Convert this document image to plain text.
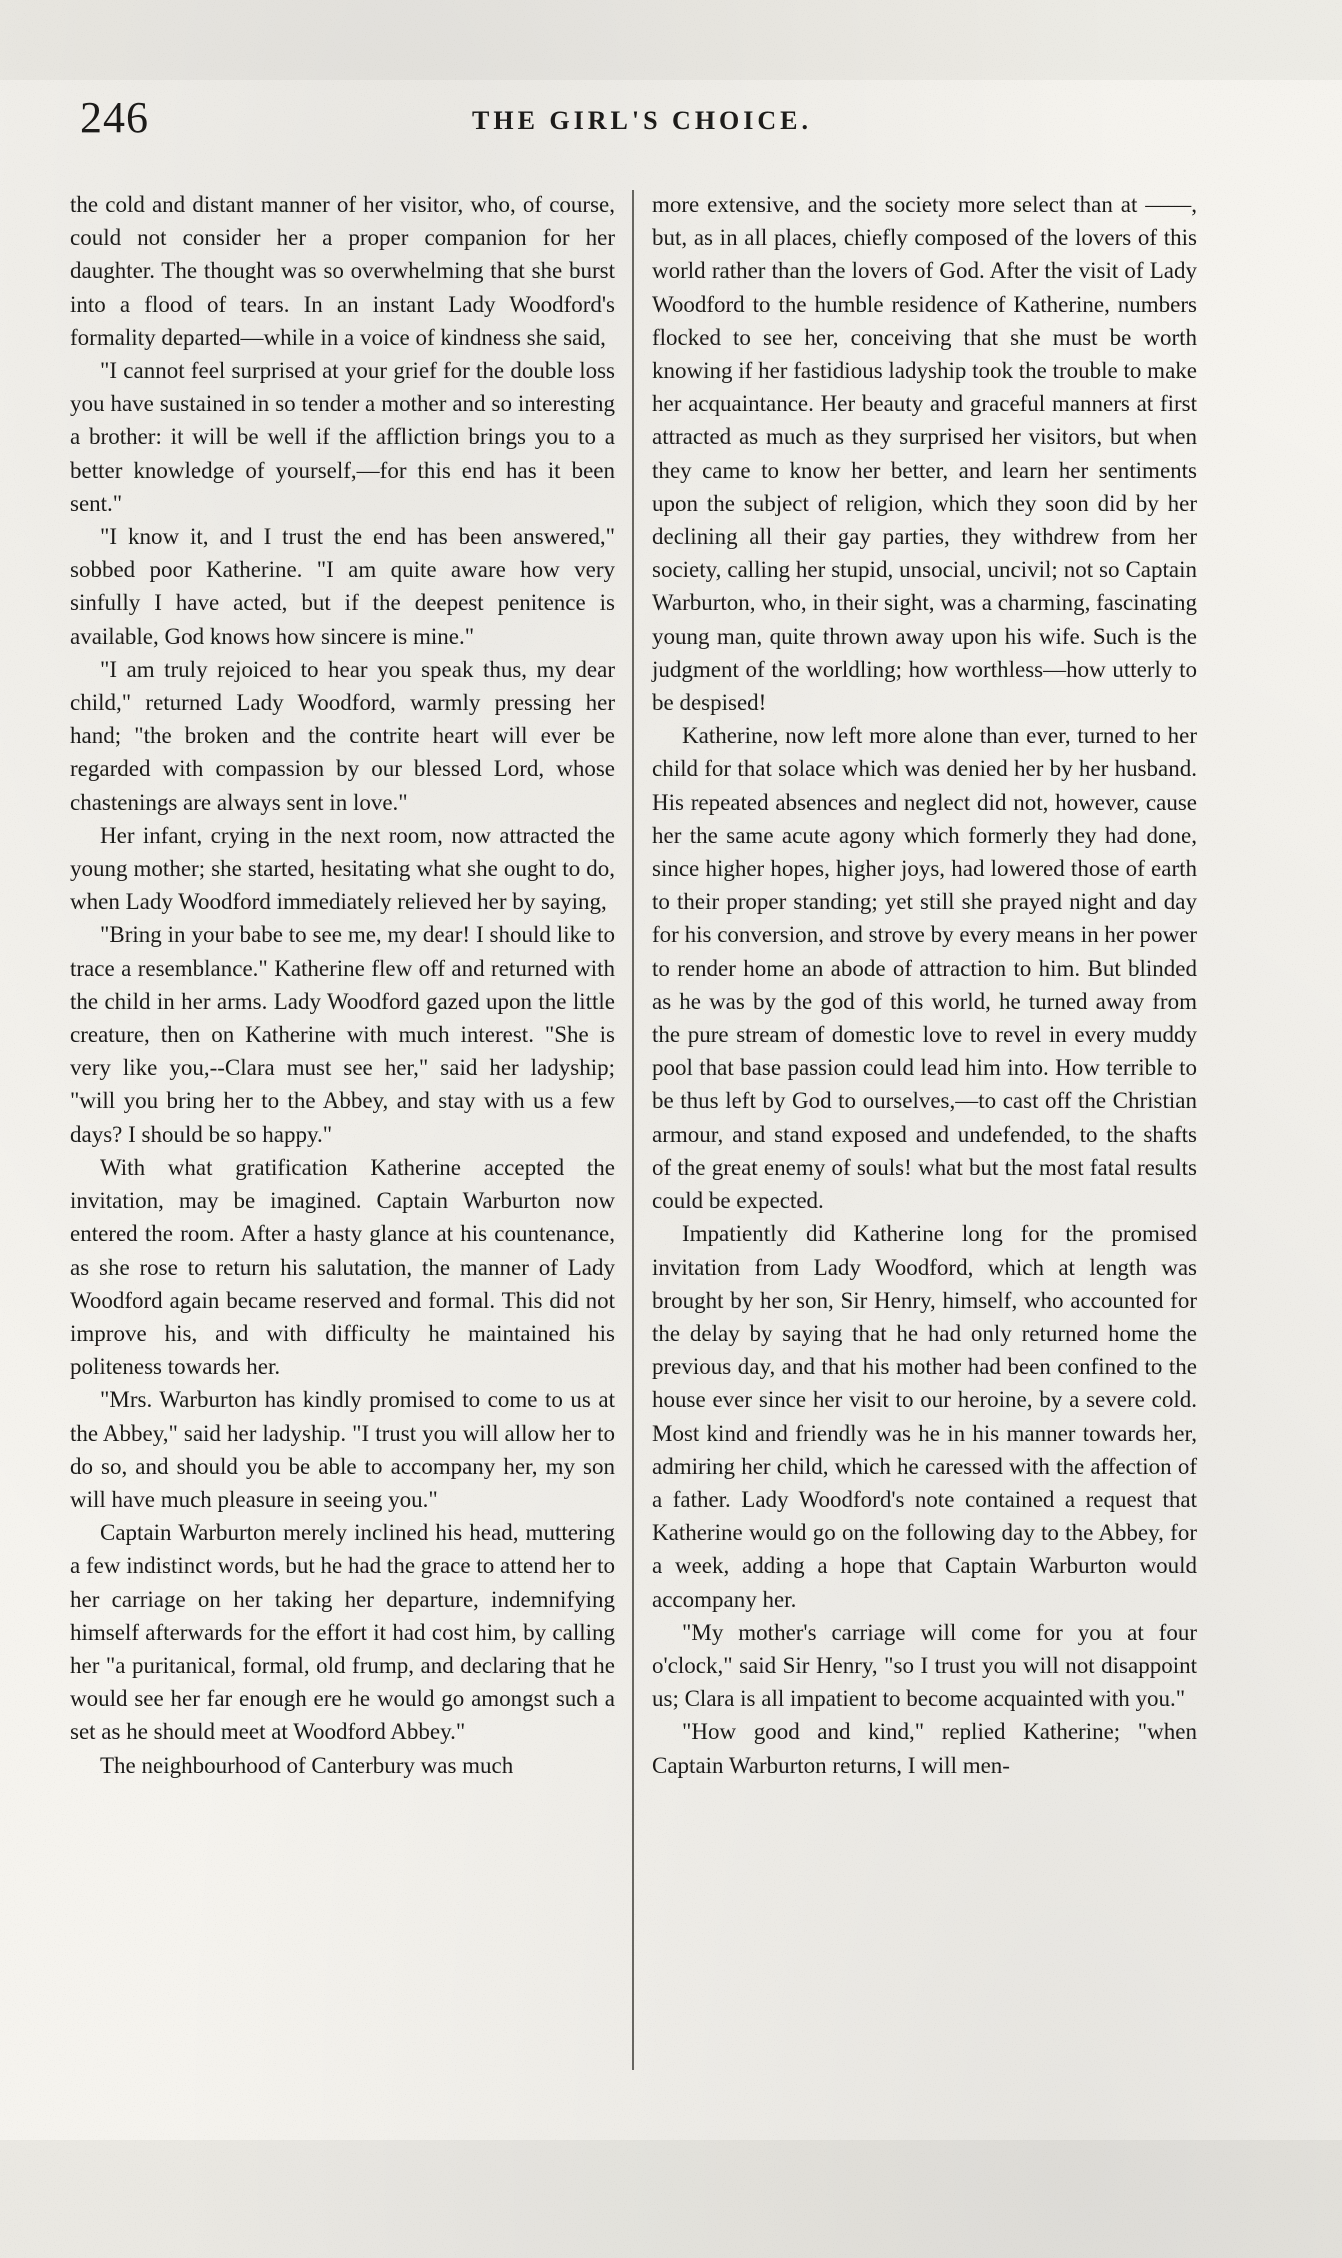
246	THE GIRL'S CHOICE.

the cold and distant manner of her visitor, who, of course, could not consider her a proper companion for her daughter. The thought was so overwhelming that she burst into a flood of tears. In an instant Lady Woodford's formality departed—while in a voice of kindness she said,

"I cannot feel surprised at your grief for the double loss you have sustained in so tender a mother and so interesting a brother: it will be well if the affliction brings you to a better knowledge of yourself,—for this end has it been sent."

"I know it, and I trust the end has been answered," sobbed poor Katherine. "I am quite aware how very sinfully I have acted, but if the deepest penitence is available, God knows how sincere is mine."

"I am truly rejoiced to hear you speak thus, my dear child," returned Lady Woodford, warmly pressing her hand; "the broken and the contrite heart will ever be regarded with compassion by our blessed Lord, whose chastenings are always sent in love."

Her infant, crying in the next room, now attracted the young mother; she started, hesitating what she ought to do, when Lady Woodford immediately relieved her by saying,

"Bring in your babe to see me, my dear! I should like to trace a resemblance." Katherine flew off and returned with the child in her arms. Lady Woodford gazed upon the little creature, then on Katherine with much interest. "She is very like you,--Clara must see her," said her ladyship; "will you bring her to the Abbey, and stay with us a few days? I should be so happy."

With what gratification Katherine accepted the invitation, may be imagined. Captain Warburton now entered the room. After a hasty glance at his countenance, as she rose to return his salutation, the manner of Lady Woodford again became reserved and formal. This did not improve his, and with difficulty he maintained his politeness towards her.

"Mrs. Warburton has kindly promised to come to us at the Abbey," said her ladyship. "I trust you will allow her to do so, and should you be able to accompany her, my son will have much pleasure in seeing you."

Captain Warburton merely inclined his head, muttering a few indistinct words, but he had the grace to attend her to her carriage on her taking her departure, indemnifying himself afterwards for the effort it had cost him, by calling her "a puritanical, formal, old frump, and declaring that he would see her far enough ere he would go amongst such a set as he should meet at Woodford Abbey."

The neighbourhood of Canterbury was much

more extensive, and the society more select than at ——, but, as in all places, chiefly composed of the lovers of this world rather than the lovers of God. After the visit of Lady Woodford to the humble residence of Katherine, numbers flocked to see her, conceiving that she must be worth knowing if her fastidious ladyship took the trouble to make her acquaintance. Her beauty and graceful manners at first attracted as much as they surprised her visitors, but when they came to know her better, and learn her sentiments upon the subject of religion, which they soon did by her declining all their gay parties, they withdrew from her society, calling her stupid, unsocial, uncivil; not so Captain Warburton, who, in their sight, was a charming, fascinating young man, quite thrown away upon his wife. Such is the judgment of the worldling; how worthless—how utterly to be despised!

Katherine, now left more alone than ever, turned to her child for that solace which was denied her by her husband. His repeated absences and neglect did not, however, cause her the same acute agony which formerly they had done, since higher hopes, higher joys, had lowered those of earth to their proper standing; yet still she prayed night and day for his conversion, and strove by every means in her power to render home an abode of attraction to him. But blinded as he was by the god of this world, he turned away from the pure stream of domestic love to revel in every muddy pool that base passion could lead him into. How terrible to be thus left by God to ourselves,—to cast off the Christian armour, and stand exposed and undefended, to the shafts of the great enemy of souls! what but the most fatal results could be expected.

Impatiently did Katherine long for the promised invitation from Lady Woodford, which at length was brought by her son, Sir Henry, himself, who accounted for the delay by saying that he had only returned home the previous day, and that his mother had been confined to the house ever since her visit to our heroine, by a severe cold. Most kind and friendly was he in his manner towards her, admiring her child, which he caressed with the affection of a father. Lady Woodford's note contained a request that Katherine would go on the following day to the Abbey, for a week, adding a hope that Captain Warburton would accompany her.

"My mother's carriage will come for you at four o'clock," said Sir Henry, "so I trust you will not disappoint us; Clara is all impatient to become acquainted with you."

"How good and kind," replied Katherine; "when Captain Warburton returns, I will men-
